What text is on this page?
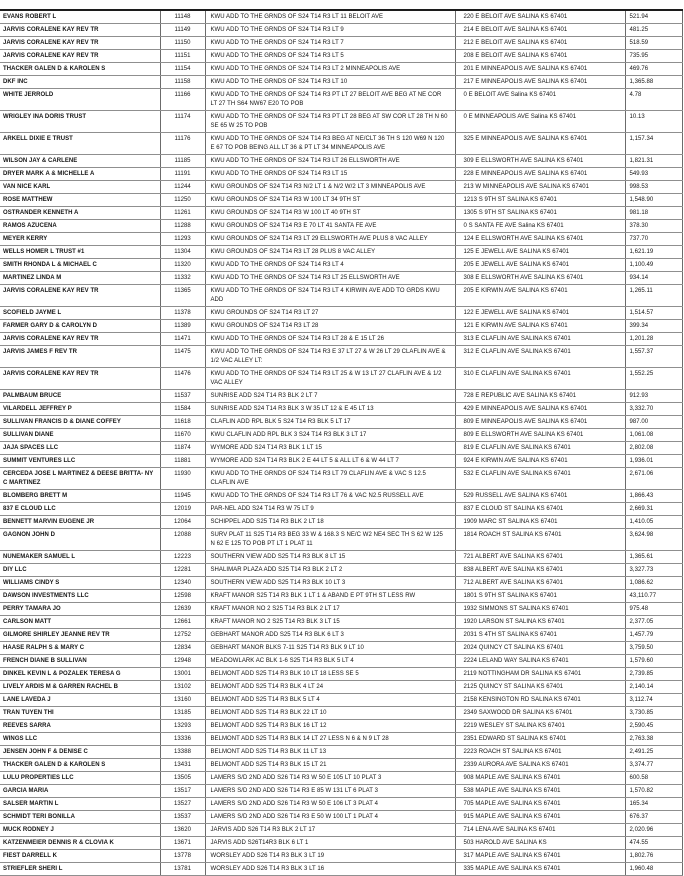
EVANS ROBERT L	11148	KWU ADD TO THE GRNDS OF S24 T14 R3 LT 11 BELOIT AVE	220 E BELOIT AVE SALINA KS 67401	521.94
JARVIS CORALENE KAY REV TR	11149	KWU ADD TO THE GRNDS OF S24 T14 R3 LT 9	214 E BELOIT AVE SALINA KS 67401	481.25
JARVIS CORALENE KAY REV TR	11150	KWU ADD TO THE GRNDS OF S24 T14 R3 LT 7	212 E BELOIT AVE SALINA KS 67401	518.59
JARVIS CORALENE KAY REV TR	11151	KWU ADD TO THE GRNDS OF S24 T14 R3 LT 5	208 E BELOIT AVE SALINA KS 67401	735.95
THACKER GALEN D & KAROLEN S	11154	KWU ADD TO THE GRNDS OF S24 T14 R3 LT 2 MINNEAPOLIS AVE	201 E MINNEAPOLIS AVE SALINA KS 67401	469.76
DKF INC	11158	KWU ADD TO THE GRNDS OF S24 T14 R3 LT 10	217 E MINNEAPOLIS AVE SALINA KS 67401	1,365.88
WHITE JERROLD	11166	KWU ADD TO THE GRNDS OF S24 T14 R3 PT LT 27 BELOIT AVE BEG AT NE COR LT 27 TH S64 NW67 E20 TO POB	0 E BELOIT AVE Salina KS 67401	4.78
WRIGLEY INA DORIS TRUST	11174	KWU ADD TO THE GRNDS OF S24 T14 R3 PT LT 28 BEG AT SW COR LT 28 TH N 60 SE 65 W 25 TO POB	0 E MINNEAPOLIS AVE Salina KS 67401	10.13
ARKELL DIXIE E TRUST	11176	KWU ADD TO THE GRNDS OF S24 T14 R3 BEG AT NE/CLT 36 TH S 120 W69 N 120 E 67 TO POB BEING ALL LT 36 & PT LT 34 MINNEAPOLIS AVE	325 E MINNEAPOLIS AVE SALINA KS 67401	1,157.34
WILSON JAY & CARLENE	11185	KWU ADD TO THE GRNDS OF S24 T14 R3 LT 26 ELLSWORTH AVE	309 E ELLSWORTH AVE SALINA KS 67401	1,821.31
DRYER MARK A & MICHELLE A	11191	KWU ADD TO THE GRNDS OF S24 T14 R3 LT 15	228 E MINNEAPOLIS AVE SALINA KS 67401	549.93
VAN NICE KARL	11244	KWU GROUNDS OF S24 T14 R3 N/2 LT 1 & N/2 W/2 LT 3 MINNEAPOLIS AVE	213 W MINNEAPOLIS AVE SALINA KS 67401	998.53
ROSE MATTHEW	11250	KWU GROUNDS OF S24 T14 R3 W 100 LT 34 9TH ST	1213 S 9TH ST SALINA KS 67401	1,548.90
OSTRANDER KENNETH A	11261	KWU GROUNDS OF S24 T14 R3 W 100 LT 40 9TH ST	1305 S 9TH ST SALINA KS 67401	981.18
RAMOS AZUCENA	11288	KWU GROUNDS OF S24 T14 R3 E 70 LT 41 SANTA FE AVE	0 S SANTA FE AVE Salina KS 67401	378.30
MEYER KERRY	11293	KWU GROUNDS OF S24 T14 R3 LT 29 ELLSWORTH AVE PLUS 8 VAC ALLEY	124 E ELLSWORTH AVE SALINA KS 67401	737.70
WELLS HOMER L TRUST #1	11304	KWU GROUNDS OF S24 T14 R3 LT 28 PLUS 8 VAC ALLEY	125 E JEWELL AVE SALINA KS 67401	1,621.19
SMITH RHONDA L & MICHAEL C	11320	KWU ADD TO THE GRNDS OF S24 T14 R3 LT 4	205 E JEWELL AVE SALINA KS 67401	1,100.49
MARTINEZ LINDA M	11332	KWU ADD TO THE GRNDS OF S24 T14 R3 LT 25 ELLSWORTH AVE	308 E ELLSWORTH AVE SALINA KS 67401	934.14
JARVIS CORALENE KAY REV TR	11365	KWU ADD TO THE GRNDS OF S24 T14 R3 LT 4 KIRWIN AVE ADD TO GRDS KWU ADD	205 E KIRWIN AVE SALINA KS 67401	1,265.11
SCOFIELD JAYME L	11378	KWU GROUNDS OF S24 T14 R3 LT 27	122 E JEWELL AVE SALINA KS 67401	1,514.57
FARMER GARY D & CAROLYN D	11389	KWU GROUNDS OF S24 T14 R3 LT 28	121 E KIRWIN AVE SALINA KS 67401	399.34
JARVIS CORALENE KAY REV TR	11471	KWU ADD TO THE GRNDS OF S24 T14 R3 LT 28 & E 15 LT 26	313 E CLAFLIN AVE SALINA KS 67401	1,201.28
JARVIS JAMES F REV TR	11475	KWU ADD TO THE GRNDS OF S24 T14 R3 E 37 LT 27 & W 26 LT 29 CLAFLIN AVE & 1/2 VAC ALLEY LT:	312 E CLAFLIN AVE SALINA KS 67401	1,557.37
JARVIS CORALENE KAY REV TR	11476	KWU ADD TO THE GRNDS OF S24 T14 R3 LT 25 & W 13 LT 27 CLAFLIN AVE & 1/2 VAC ALLEY	310 E CLAFLIN AVE SALINA KS 67401	1,552.25
PALMBAUM BRUCE	11537	SUNRISE ADD S24 T14 R3 BLK 2 LT 7	728 E REPUBLIC AVE SALINA KS 67401	912.93
VILARDELL JEFFREY P	11584	SUNRISE ADD S24 T14 R3 BLK 3 W 35 LT 12 & E 45 LT 13	429 E MINNEAPOLIS AVE SALINA KS 67401	3,332.70
SULLIVAN FRANCIS D & DIANE COFFEY	11618	CLAFLIN ADD RPL BLK 5 S24 T14 R3 BLK 5 LT 17	809 E MINNEAPOLIS AVE SALINA KS 67401	987.00
SULLIVAN DIANE	11670	KWU CLAFLIN ADD RPL BLK 3 S24 T14 R3 BLK 3 LT 17	809 E ELLSWORTH AVE SALINA KS 67401	1,061.08
JAJA SPACES LLC	11874	WYMORE ADD S24 T14 R3 BLK 1 LT 15	819 E CLAFLIN AVE SALINA KS 67401	2,802.08
SUMMIT VENTURES LLC	11881	WYMORE ADD S24 T14 R3 BLK 2 E 44 LT 5 & ALL LT 6 & W 44 LT 7	924 E KIRWIN AVE SALINA KS 67401	1,936.01
CERCEDA JOSE L MARTINEZ & DEESE BRITTA- NY C MARTINEZ	11930	KWU ADD TO THE GRNDS OF S24 T14 R3 LT 79 CLAFLIN AVE & VAC S 12.5 CLAFLIN AVE	532 E CLAFLIN AVE SALINA KS 67401	2,671.06
BLOMBERG BRETT M	11945	KWU ADD TO THE GRNDS OF S24 T14 R3 LT 76 & VAC N2.5 RUSSELL AVE	529 RUSSELL AVE SALINA KS 67401	1,866.43
837 E CLOUD LLC	12019	PAR-NEL ADD S24 T14 R3 W 75 LT 9	837 E CLOUD ST SALINA KS 67401	2,669.31
BENNETT MARVIN EUGENE JR	12064	SCHIPPEL ADD S25 T14 R3 BLK 2 LT 18	1909 MARC ST SALINA KS 67401	1,410.05
GAGNON JOHN D	12088	SURV PLAT 11 S25 T14 R3 BEG 33 W & 168.3 S NE/C W2 NE4 SEC TH S 62 W 125 N 62 E 125 TO POB PT LT 1 PLAT 11	1814 ROACH ST SALINA KS 67401	3,624.98
NUNEMAKER SAMUEL L	12223	SOUTHERN VIEW ADD S25 T14 R3 BLK 8 LT 15	721 ALBERT AVE SALINA KS 67401	1,365.61
DIY LLC	12281	SHALIMAR PLAZA ADD S25 T14 R3 BLK 2 LT 2	838 ALBERT AVE SALINA KS 67401	3,327.73
WILLIAMS CINDY S	12340	SOUTHERN VIEW ADD S25 T14 R3 BLK 10 LT 3	712 ALBERT AVE SALINA KS 67401	1,086.62
DAWSON INVESTMENTS LLC	12598	KRAFT MANOR S25 T14 R3 BLK 1 LT 1 & ABAND E PT 9TH ST LESS RW	1801 S 9TH ST SALINA KS 67401	43,110.77
PERRY TAMARA JO	12639	KRAFT MANOR NO 2 S25 T14 R3 BLK 2 LT 17	1932 SIMMONS ST SALINA KS 67401	975.48
CARLSON MATT	12661	KRAFT MANOR NO 2 S25 T14 R3 BLK 3 LT 15	1920 LARSON ST SALINA KS 67401	2,377.05
GILMORE SHIRLEY JEANNE REV TR	12752	GEBHART MANOR ADD S25 T14 R3 BLK 6 LT 3	2031 S 4TH ST SALINA KS 67401	1,457.79
HAASE RALPH S & MARY C	12834	GEBHART MANOR BLKS 7-11 S25 T14 R3 BLK 9 LT 10	2024 QUINCY CT SALINA KS 67401	3,759.50
FRENCH DIANE B SULLIVAN	12948	MEADOWLARK AC BLK 1-6 S25 T14 R3 BLK 5 LT 4	2224 LELAND WAY SALINA KS 67401	1,579.60
DINKEL KEVIN L & POZALEK TERESA G	13001	BELMONT ADD S25 T14 R3 BLK 10 LT 18 LESS SE 5	2119 NOTTINGHAM DR SALINA KS 67401	2,739.85
LIVELY ARDIS M & GARREN RACHEL B	13102	BELMONT ADD S25 T14 R3 BLK 4 LT 24	2125 QUINCY ST SALINA KS 67401	2,140.14
LANE LAVEDA J	13160	BELMONT ADD S25 T14 R3 BLK 5 LT 4	2158 KENSINGTON RD SALINA KS 67401	3,112.74
TRAN TUYEN THI	13185	BELMONT ADD S25 T14 R3 BLK 22 LT 10	2349 SAXWOOD DR SALINA KS 67401	3,730.85
REEVES SARRA	13293	BELMONT ADD S25 T14 R3 BLK 16 LT 12	2219 WESLEY ST SALINA KS 67401	2,590.45
WINGS LLC	13336	BELMONT ADD S25 T14 R3 BLK 14 LT 27 LESS N 6 & N 9 LT 28	2351 EDWARD ST SALINA KS 67401	2,763.38
JENSEN JOHN F & DENISE C	13388	BELMONT ADD S25 T14 R3 BLK 11 LT 13	2223 ROACH ST SALINA KS 67401	2,491.25
THACKER GALEN D & KAROLEN S	13431	BELMONT ADD S25 T14 R3 BLK 15 LT 21	2339 AURORA AVE SALINA KS 67401	3,374.77
LULU PROPERTIES LLC	13505	LAMERS S/D 2ND ADD S26 T14 R3 W 50 E 105 LT 10 PLAT 3	908 MAPLE AVE SALINA KS 67401	600.58
GARCIA MARIA	13517	LAMERS S/D 2ND ADD S26 T14 R3 E 85 W 131 LT 6 PLAT 3	538 MAPLE AVE SALINA KS 67401	1,570.82
SALSER MARTIN L	13527	LAMERS S/D 2ND ADD S26 T14 R3 W 50 E 106 LT 3 PLAT 4	705 MAPLE AVE SALINA KS 67401	165.34
SCHMIDT TERI BONILLA	13537	LAMERS S/D 2ND ADD S26 T14 R3 E 50 W 100 LT 1 PLAT 4	915 MAPLE AVE SALINA KS 67401	676.37
MUCK RODNEY J	13620	JARVIS ADD S26 T14 R3 BLK 2 LT 17	714 LENA AVE SALINA KS 67401	2,020.96
KATZENMEIER DENNIS R & CLOVIA K	13671	JARVIS ADD S26T14R3 BLK 6 LT 1	503 HAROLD AVE SALINA KS	474.55
FIEST DARRELL K	13778	WORSLEY ADD S26 T14 R3 BLK 3 LT 19	317 MAPLE AVE SALINA KS 67401	1,802.76
STRIEFLER SHERI L	13781	WORSLEY ADD S26 T14 R3 BLK 3 LT 16	335 MAPLE AVE SALINA KS 67401	1,960.48
